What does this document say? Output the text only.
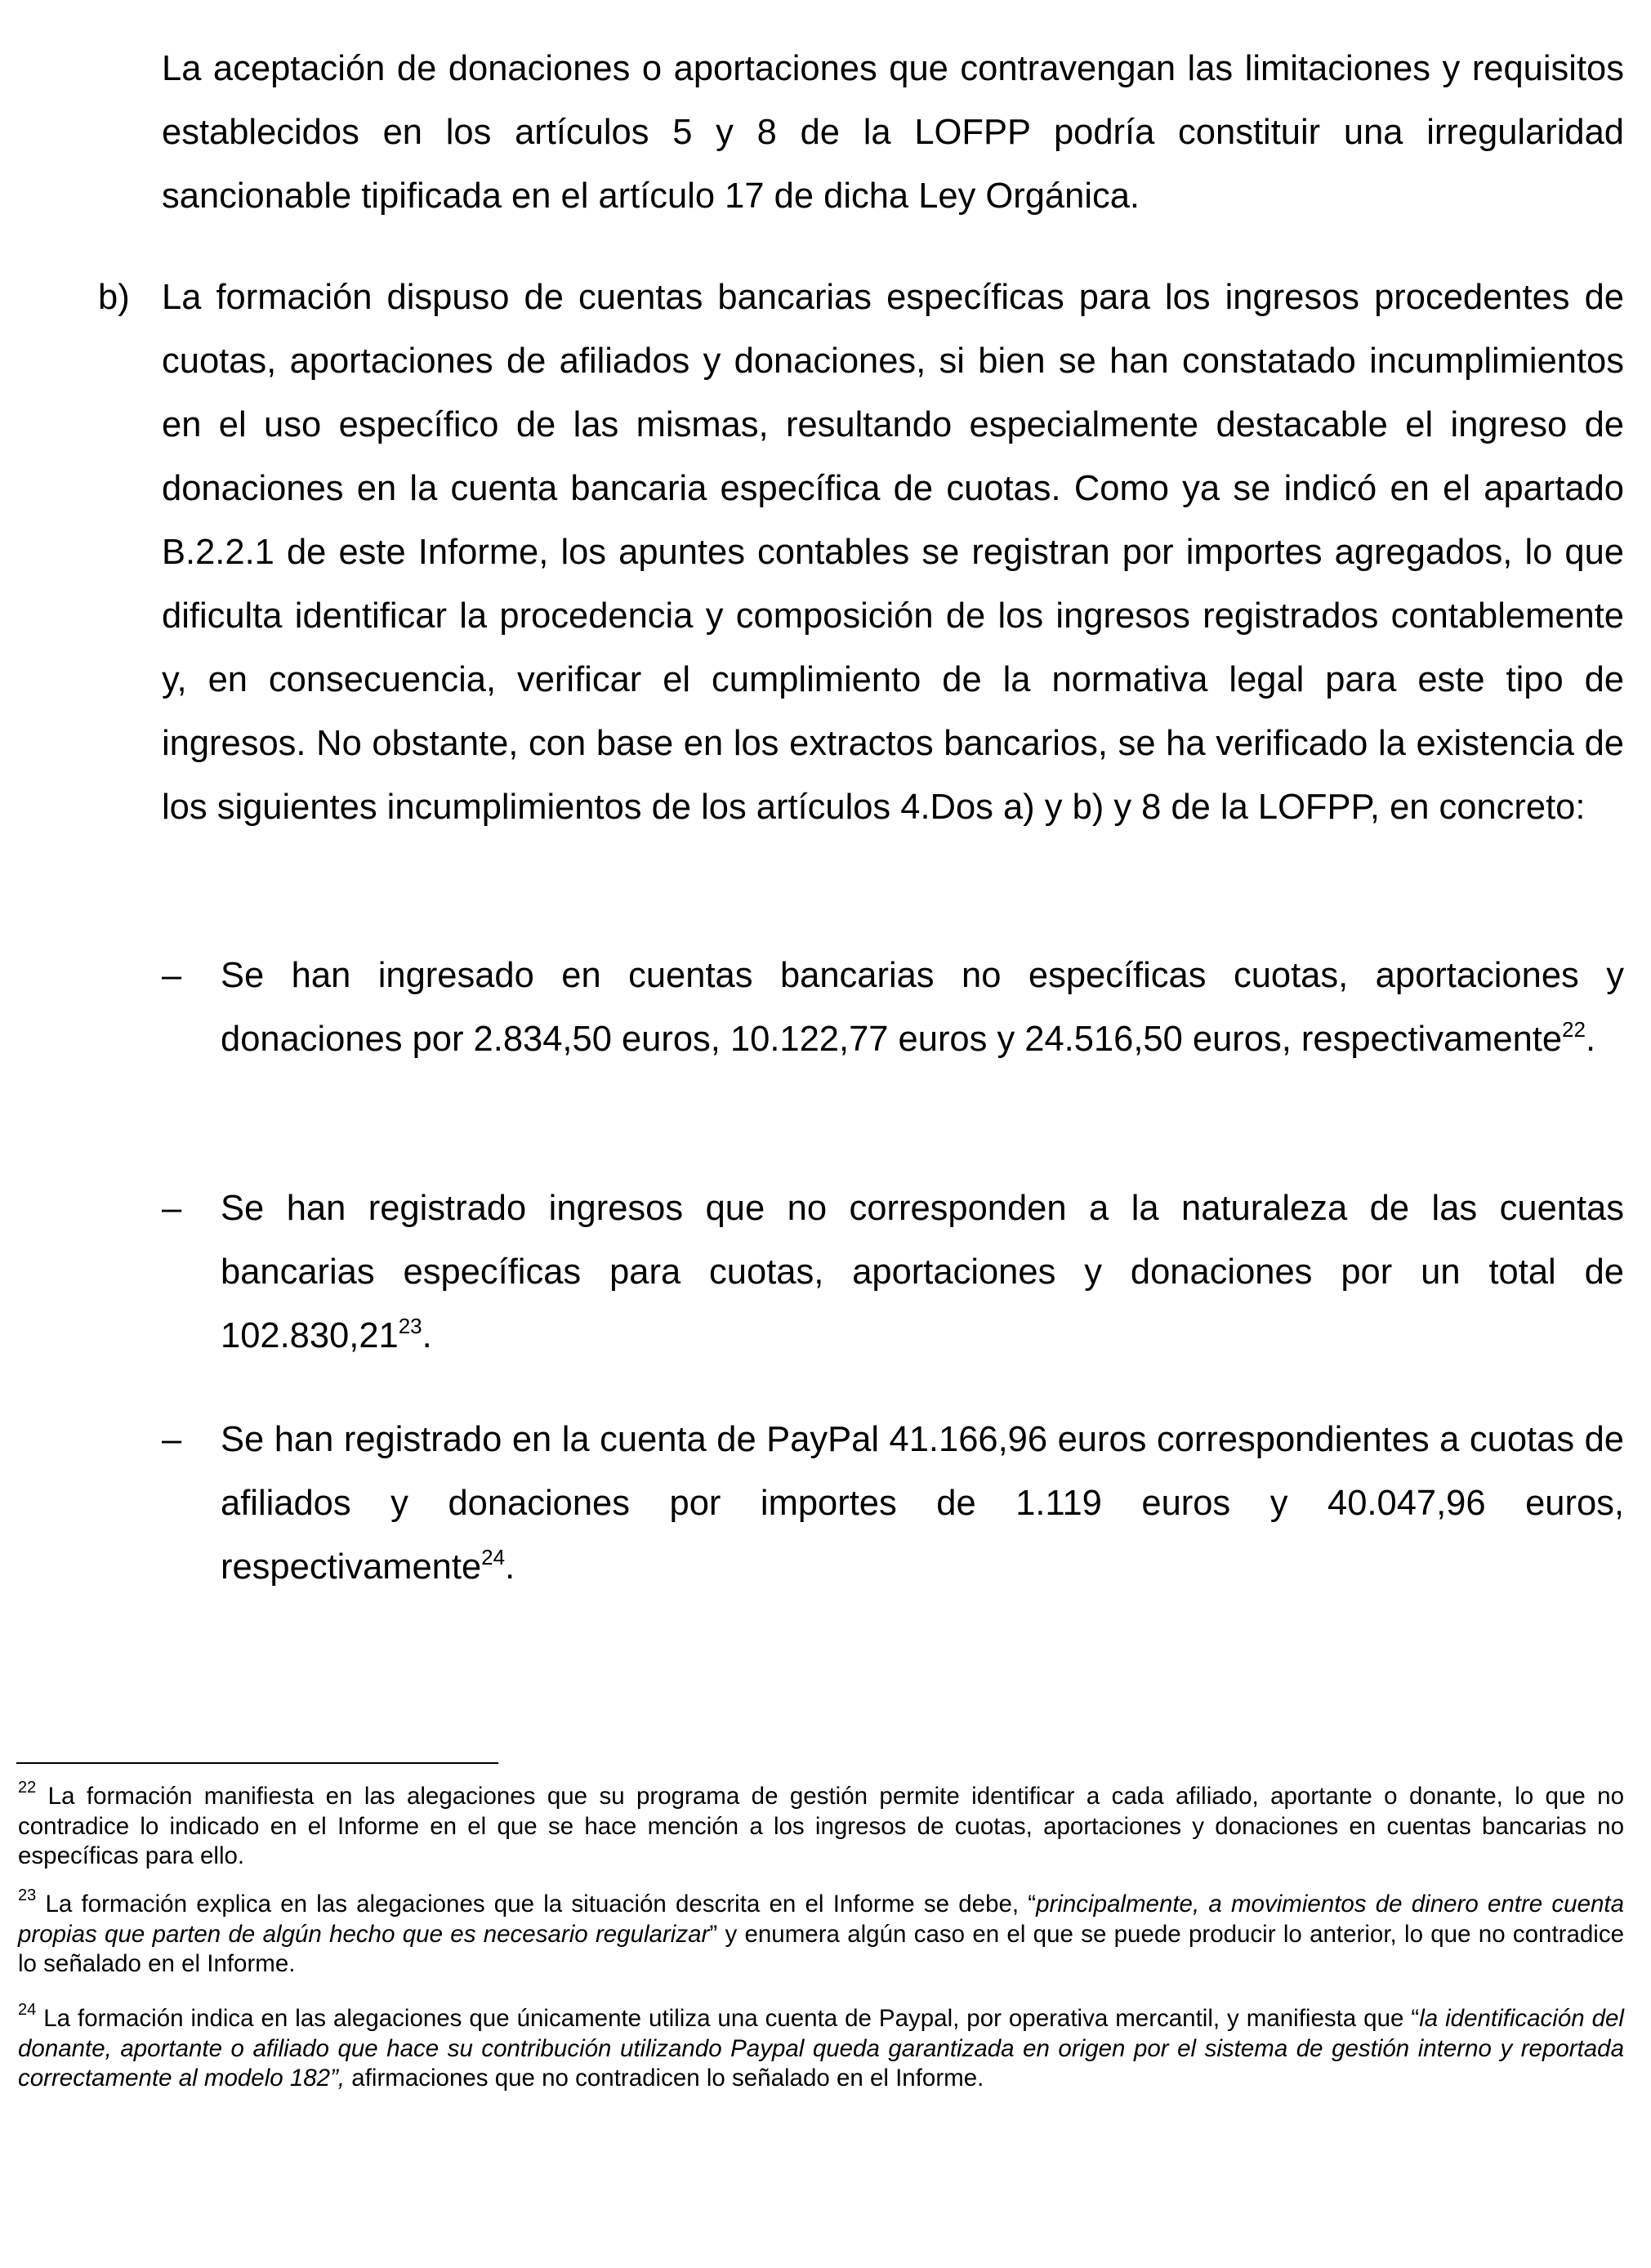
La aceptación de donaciones o aportaciones que contravengan las limitaciones y requisitos establecidos en los artículos 5 y 8 de la LOFPP podría constituir una irregularidad sancionable tipificada en el artículo 17 de dicha Ley Orgánica.

b) La formación dispuso de cuentas bancarias específicas para los ingresos procedentes de cuotas, aportaciones de afiliados y donaciones, si bien se han constatado incumplimientos en el uso específico de las mismas, resultando especialmente destacable el ingreso de donaciones en la cuenta bancaria específica de cuotas. Como ya se indicó en el apartado B.2.2.1 de este Informe, los apuntes contables se registran por importes agregados, lo que dificulta identificar la procedencia y composición de los ingresos registrados contablemente y, en consecuencia, verificar el cumplimiento de la normativa legal para este tipo de ingresos. No obstante, con base en los extractos bancarios, se ha verificado la existencia de los siguientes incumplimientos de los artículos 4.Dos a) y b) y 8 de la LOFPP, en concreto:

– Se han ingresado en cuentas bancarias no específicas cuotas, aportaciones y donaciones por 2.834,50 euros, 10.122,77 euros y 24.516,50 euros, respectivamente$^{22}$.

– Se han registrado ingresos que no corresponden a la naturaleza de las cuentas bancarias específicas para cuotas, aportaciones y donaciones por un total de 102.830,21$^{23}$.

– Se han registrado en la cuenta de PayPal 41.166,96 euros correspondientes a cuotas de afiliados y donaciones por importes de 1.119 euros y 40.047,96 euros, respectivamente$^{24}$.

$^{22}$ La formación manifiesta en las alegaciones que su programa de gestión permite identificar a cada afiliado, aportante o donante, lo que no contradice lo indicado en el Informe en el que se hace mención a los ingresos de cuotas, aportaciones y donaciones en cuentas bancarias no específicas para ello.

$^{23}$ La formación explica en las alegaciones que la situación descrita en el Informe se debe, “principalmente, a movimientos de dinero entre cuenta propias que parten de algún hecho que es necesario regularizar” y enumera algún caso en el que se puede producir lo anterior, lo que no contradice lo señalado en el Informe.

$^{24}$ La formación indica en las alegaciones que únicamente utiliza una cuenta de Paypal, por operativa mercantil, y manifiesta que “la identificación del donante, aportante o afiliado que hace su contribución utilizando Paypal queda garantizada en origen por el sistema de gestión interno y reportada correctamente al modelo 182”, afirmaciones que no contradicen lo señalado en el Informe.
